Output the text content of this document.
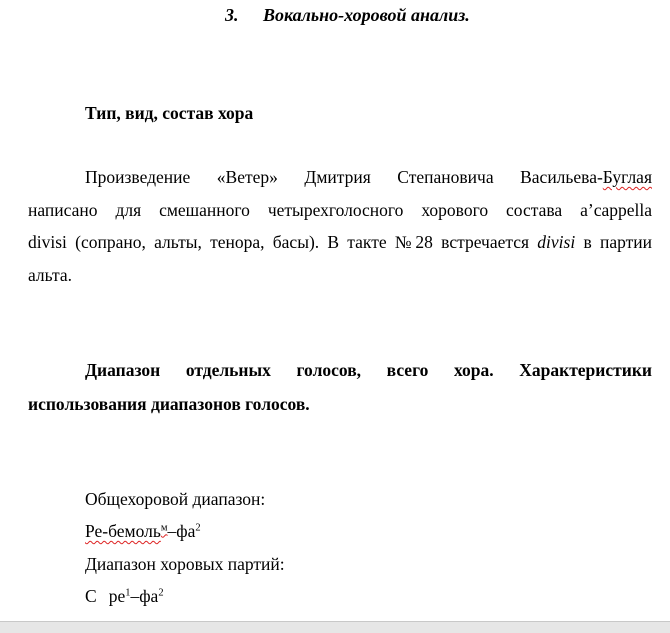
3. Вокально-хоровой анализ.
Тип, вид, состав хора
Произведение «Ветер» Дмитрия Степановича Васильева-Буглая
написано для смешанного четырехголосного хорового состава a’cappella
divisi (сопрано, альты, тенора, басы). В такте №28 встречается divisi в партии
альта.
Диапазон отдельных голосов, всего хора. Характеристики
использования диапазонов голосов.
Общехоровой диапазон:
$Ре-бемоль^м-фа^2$
Диапазон хоровых партий:
С $ре^1-фа^2$
